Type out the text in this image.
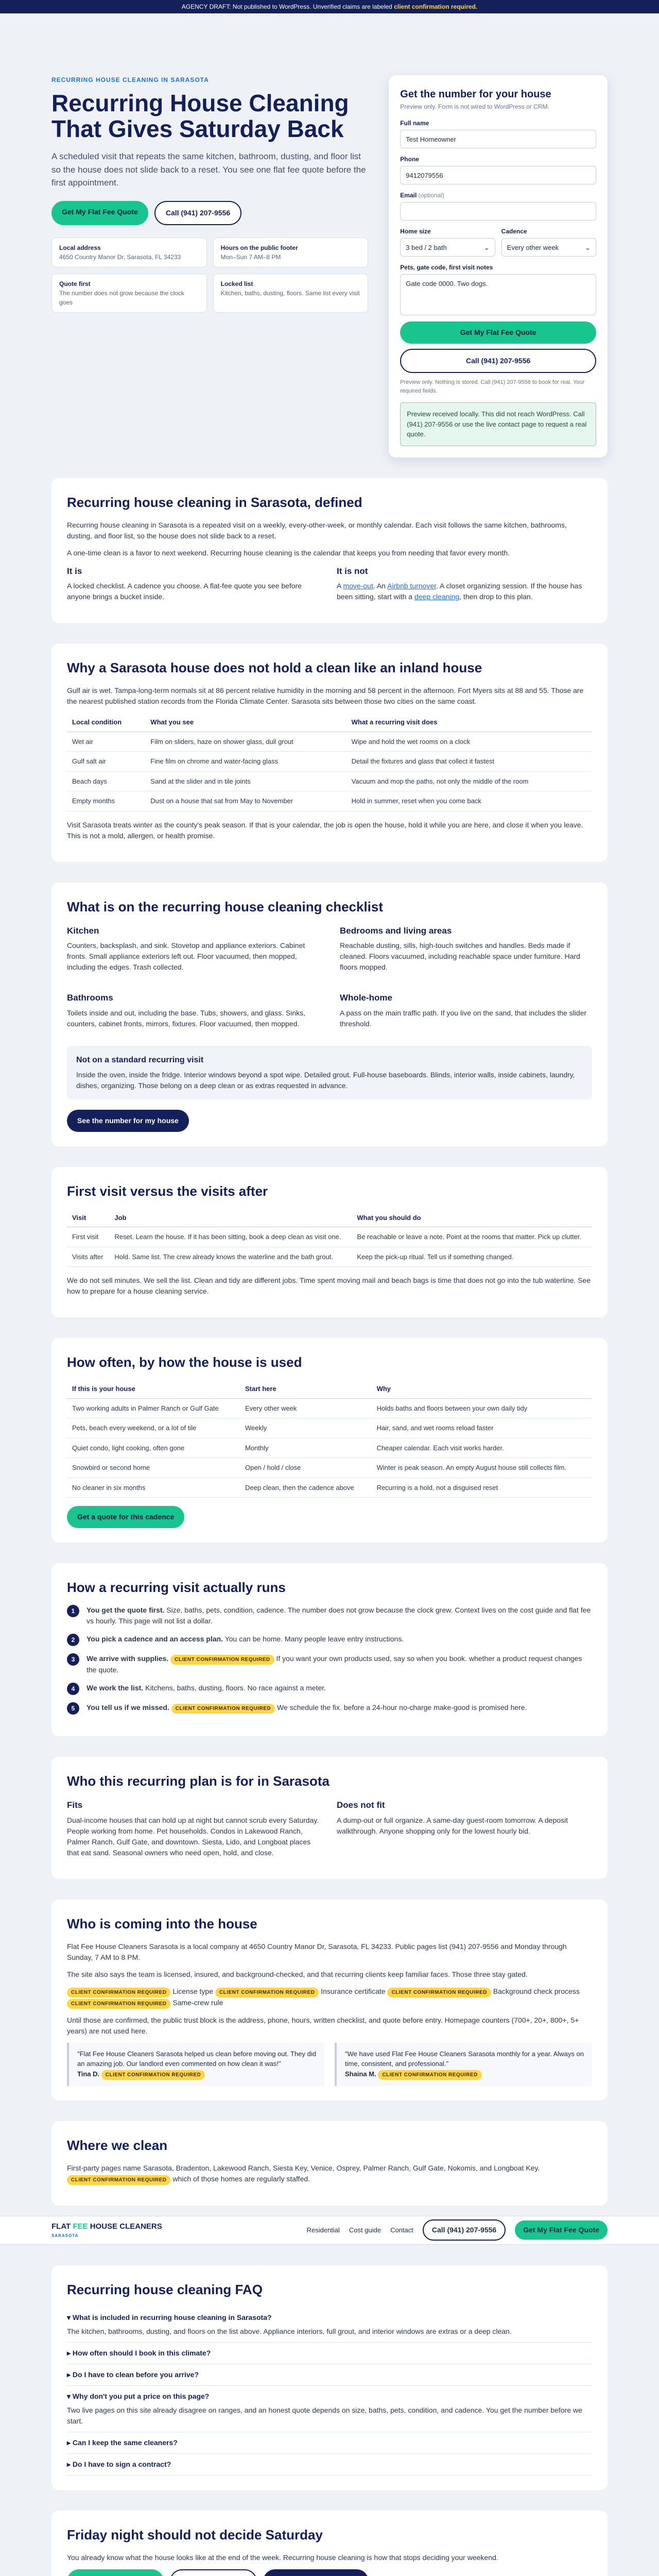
AGENCY DRAFT: Not published to WordPress. Unverified claims are labeled client confirmation required.
RECURRING HOUSE CLEANING IN SARASOTA
Recurring House Cleaning That Gives Saturday Back

A scheduled visit that repeats the same kitchen, bathroom, dusting, and floor list so the house does not slide back to a reset. You see one flat fee quote before the first appointment.

Get My Flat Fee Quote	Call (941) 207-9556
Local address
4650 Country Manor Dr, Sarasota, FL 34233
Hours on the public footer
Mon–Sun 7 AM–8 PM
Quote first
The number does not grow because the clock goes
Locked list
Kitchen, baths, dusting, floors. Same list every visit
Get the number for your house
Preview only. Form is not wired to WordPress or CRM.
Full name
Test Homeowner
Phone
9412079556
Email (optional)
Home size
3 bed / 2 bath	⌄
Cadence
Every other week	⌄
Pets, gate code, first visit notes
Gate code 0000. Two dogs.
Get My Flat Fee Quote
Call (941) 207-9556
Preview only. Nothing is stored. Call (941) 207-9556 to book for real. Your required fields.
Preview received locally. This did not reach WordPress. Call (941) 207-9556 or use the live contact page to request a real quote.
Recurring house cleaning in Sarasota, defined

Recurring house cleaning in Sarasota is a repeated visit on a weekly, every-other-week, or monthly calendar. Each visit follows the same kitchen, bathrooms, dusting, and floor list, so the house does not slide back to a reset.

A one-time clean is a favor to next weekend. Recurring house cleaning is the calendar that keeps you from needing that favor every month.

It is

A locked checklist. A cadence you choose. A flat-fee quote you see before anyone brings a bucket inside.

It is not

A move-out. An Airbnb turnover. A closet organizing session. If the house has been sitting, start with a deep cleaning, then drop to this plan.

Why a Sarasota house does not hold a clean like an inland house

Gulf air is wet. Tampa-long-term normals sit at 86 percent relative humidity in the morning and 58 percent in the afternoon. Fort Myers sits at 88 and 55. Those are the nearest published station records from the Florida Climate Center. Sarasota sits between those two cities on the same coast.

Local condition	What you see	What a recurring visit does
Wet air	Film on sliders, haze on shower glass, dull grout	Wipe and hold the wet rooms on a clock
Gulf salt air	Fine film on chrome and water-facing glass	Detail the fixtures and glass that collect it fastest
Beach days	Sand at the slider and in tile joints	Vacuum and mop the paths, not only the middle of the room
Empty months	Dust on a house that sat from May to November	Hold in summer, reset when you come back

Visit Sarasota treats winter as the county's peak season. If that is your calendar, the job is open the house, hold it while you are here, and close it when you leave. This is not a mold, allergen, or health promise.

What is on the recurring house cleaning checklist
Kitchen

Counters, backsplash, and sink. Stovetop and appliance exteriors. Cabinet fronts. Small appliance exteriors left out. Floor vacuumed, then mopped, including the edges. Trash collected.

Bedrooms and living areas

Reachable dusting, sills, high-touch switches and handles. Beds made if cleaned. Floors vacuumed, including reachable space under furniture. Hard floors mopped.

Bathrooms

Toilets inside and out, including the base. Tubs, showers, and glass. Sinks, counters, cabinet fronts, mirrors, fixtures. Floor vacuumed, then mopped.

Whole-home

A pass on the main traffic path. If you live on the sand, that includes the slider threshold.

Not on a standard recurring visit

Inside the oven, inside the fridge. Interior windows beyond a spot wipe. Detailed grout. Full-house baseboards. Blinds, interior walls, inside cabinets, laundry, dishes, organizing. Those belong on a deep clean or as extras requested in advance.

See the number for my house
First visit versus the visits after
Visit	Job	What you should do
First visit	Reset. Learn the house. If it has been sitting, book a deep clean as visit one.	Be reachable or leave a note. Point at the rooms that matter. Pick up clutter.
Visits after	Hold. Same list. The crew already knows the waterline and the bath grout.	Keep the pick-up ritual. Tell us if something changed.

We do not sell minutes. We sell the list. Clean and tidy are different jobs. Time spent moving mail and beach bags is time that does not go into the tub waterline. See how to prepare for a house cleaning service.

How often, by how the house is used
If this is your house	Start here	Why
Two working adults in Palmer Ranch or Gulf Gate	Every other week	Holds baths and floors between your own daily tidy
Pets, beach every weekend, or a lot of tile	Weekly	Hair, sand, and wet rooms reload faster
Quiet condo, light cooking, often gone	Monthly	Cheaper calendar. Each visit works harder.
Snowbird or second home	Open / hold / close	Winter is peak season. An empty August house still collects film.
No cleaner in six months	Deep clean, then the cadence above	Recurring is a hold, not a disguised reset
Get a quote for this cadence
How a recurring visit actually runs
1	You get the quote first. Size, baths, pets, condition, cadence. The number does not grow because the clock grew. Context lives on the cost guide and flat fee vs hourly. This page will not list a dollar.

2	You pick a cadence and an access plan. You can be home. Many people leave entry instructions.

3	We arrive with supplies. CLIENT CONFIRMATION REQUIRED If you want your own products used, say so when you book. whether a product request changes the quote.

4	We work the list. Kitchens, baths, dusting, floors. No race against a meter.

5	You tell us if we missed. CLIENT CONFIRMATION REQUIRED We schedule the fix. before a 24-hour no-charge make-good is promised here.

Who this recurring plan is for in Sarasota
Fits

Dual-income houses that can hold up at night but cannot scrub every Saturday. People working from home. Pet households. Condos in Lakewood Ranch, Palmer Ranch, Gulf Gate, and downtown. Siesta, Lido, and Longboat places that eat sand. Seasonal owners who need open, hold, and close.

Does not fit

A dump-out or full organize. A same-day guest-room tomorrow. A deposit walkthrough. Anyone shopping only for the lowest hourly bid.

Who is coming into the house

Flat Fee House Cleaners Sarasota is a local company at 4650 Country Manor Dr, Sarasota, FL 34233. Public pages list (941) 207-9556 and Monday through Sunday, 7 AM to 8 PM.

The site also says the team is licensed, insured, and background-checked, and that recurring clients keep familiar faces. Those three stay gated.

CLIENT CONFIRMATION REQUIRED License type CLIENT CONFIRMATION REQUIRED Insurance certificate CLIENT CONFIRMATION REQUIRED Background check process CLIENT CONFIRMATION REQUIRED Same-crew rule

Until those are confirmed, the public trust block is the address, phone, hours, written checklist, and quote before entry. Homepage counters (700+, 20+, 800+, 5+ years) are not used here.

"Flat Fee House Cleaners Sarasota helped us clean before moving out. They did an amazing job. Our landlord even commented on how clean it was!"
Tina D. CLIENT CONFIRMATION REQUIRED
"We have used Flat Fee House Cleaners Sarasota monthly for a year. Always on time, consistent, and professional."
Shaina M. CLIENT CONFIRMATION REQUIRED
Where we clean

First-party pages name Sarasota, Bradenton, Lakewood Ranch, Siesta Key, Venice, Osprey, Palmer Ranch, Gulf Gate, Nokomis, and Longboat Key. CLIENT CONFIRMATION REQUIRED which of those homes are regularly staffed.

FLAT FEE HOUSE CLEANERS
SARASOTA
Residential Cost guide Contact	Call (941) 207-9556	Get My Flat Fee Quote
Recurring house cleaning FAQ
▾ What is included in recurring house cleaning in Sarasota?
The kitchen, bathrooms, dusting, and floors on the list above. Appliance interiors, full grout, and interior windows are extras or a deep clean.
▸ How often should I book in this climate?
▸ Do I have to clean before you arrive?
▾ Why don't you put a price on this page?
Two live pages on this site already disagree on ranges, and an honest quote depends on size, baths, pets, condition, and cadence. You get the number before we start.
▸ Can I keep the same cleaners?
▸ Do I have to sign a contract?
Friday night should not decide Saturday

You already know what the house looks like at the end of the week. Recurring house cleaning is how that stops deciding your weekend.
